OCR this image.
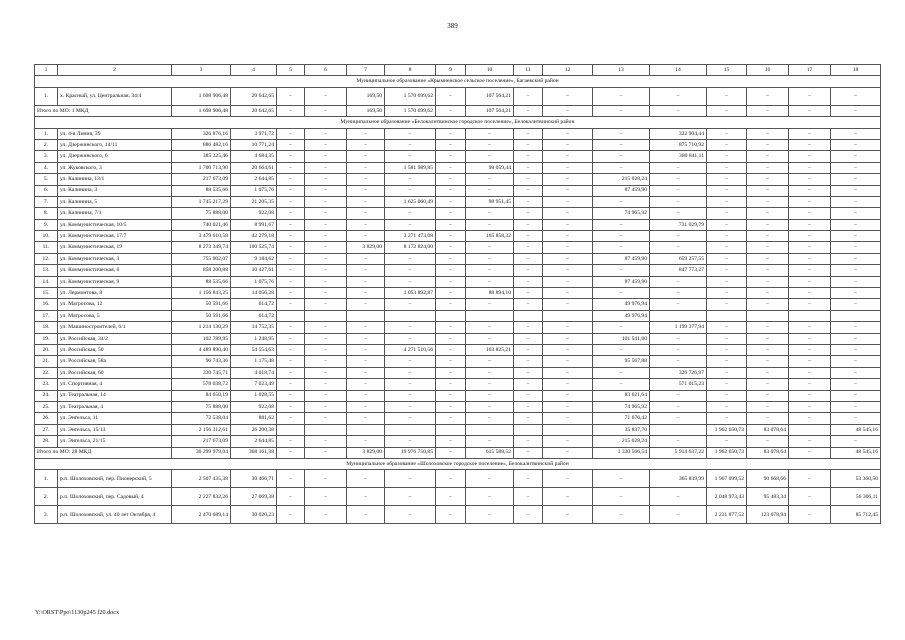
389
1	2	3	4	5	6	7	8	9	10	11	12	13	14	15	16	17	18
Муниципальное образование «Крымненское сельское поселение», Багаевский район																	
1.	х. Красный, ул. Центральная, 34/4	1 698 906,48	20 642,65	–	–	169,50	1 570 699,62	–	107 564,21	–	–	–	–	–	–	–	–
Итого по МО: 1 МКД		1 698 906,48	20 642,65	–	–	169,50	1 570 699,62	–	107 564,21	–	–	–	–	–	–	–	–
Муниципальное образование «Белокалитвинское городское поселение», Белокалитвинский район																	
1.	ул. 4-я Линия, 39	326 876,16	3 971,72	–	–	–	–	–	–	–	–	–	322 904,44	–	–	–	–
2.	ул. Дзержинского, 14/11	886 482,16	10 771,24	–	–	–	–	–	–	–	–	–	875 710,92	–	–	–	–
3.	ул. Дзержинского, 6	385 325,46	4 684,35	–	–	–	–	–	–	–	–	–	380 841,11	–	–	–	–
4.	ул. Жуковского, 3	1 700 713,90	20 664,61	–	–	–	1 581 989,85	–	98 059,44	–	–	–	–	–	–	–	–
5.	ул. Калинина, 13/1	217 673,09	2 644,85	–	–	–	–	–	–	–	–	215 028,24	–	–	–	–	–
6.	ул. Калинина, 3	88 535,66	1 075,76	–	–	–	–	–	–	–	–	87 459,90	–	–	–	–	–
7.	ул. Калинина, 5	1 745 217,29	21 205,35	–	–	–	1 625 060,49	–	98 951,45	–	–	–	–	–	–	–	–
8.	ул. Калинина, 7/1	75 888,00	922,08	–	–	–	–	–	–	–	–	74 965,92	–	–	–	–	–
9.	ул. Коммунистическая, 10/5	740 021,46	8 991,67	–	–	–	–	–	–	–	–	–	731 029,79	–	–	–	–
10.	ул. Коммунистическая, 17/7	3 479 610,58	42 279,18	–	–	–	3 271 473,08	–	165 858,32	–	–	–	–	–	–	–	–
11.	ул. Коммунистическая, 19	8 273 349,74	100 525,74	–	–	3 829,00	8 172 824,00	–	–	–	–	–	–	–	–	–	–
12.	ул. Коммунистическая, 3	755 902,07	9 184,62	–	–	–	–	–	–	–	–	87 459,90	659 257,55	–	–	–	–
13.	ул. Коммунистическая, 6	858 200,88	10 427,61	–	–	–	–	–	–	–	–	–	847 773,27	–	–	–	–
14.	ул. Коммунистическая, 9	88 535,66	1 075,76	–	–	–	–	–	–	–	–	87 459,90	–	–	–	–	–
15.	ул. Лермонтова, 8	1 156 843,25	14 056,28	–	–	–	1 053 892,87	–	88 894,10	–	–	–	–	–	–	–	–
16.	ул. Матросова, 12	50 591,66	614,72	–	–	–	–	–	–	–	–	49 976,94	–	–	–	–	–
17.	ул. Матросова, 5	50 591,66	614,72									49 976,94					
18.	ул. Машиностроителей, 6/1	1 214 130,29	14 752,35	–	–	–	–	–	–	–	–	–	1 199 377,94	–	–	–	–
19.	ул. Российская, 34/2	102 789,95	1 248,95	–	–	–	–	–	–	–	–	101 541,00	–	–	–	–	–
20.	ул. Российская, 50	4 489 890,40	54 554,63	–	–	–	4 271 510,56	–	163 825,21	–	–	–	–	–	–	–	–
21.	ул. Российская, 58а	96 743,36	1 175,48	–	–	–	–	–	–	–	–	95 567,88	–	–	–	–	–
22.	ул. Российская, 60	330 745,71	4 018,74	–	–	–	–	–	–	–	–	–	326 726,97	–	–	–	–
23.	ул. Спортивная, 4	578 038,72	7 023,49	–	–	–	–	–	–	–	–	–	571 015,23	–	–	–	–
24.	ул. Театральная, 14	84 650,19	1 028,55	–	–	–	–	–	–	–	–	83 621,64	–	–	–	–	–
25.	ул. Театральная, 4	75 888,00	922,08	–	–	–	–	–	–	–	–	74 965,92	–	–	–	–	–
26.	ул. Энгельса, 11	72 538,04	881,62	–	–	–	–	–	–	–	–	71 676,42	–	–	–	–	–
27.	ул. Энгельса, 15/13	2 156 312,61	26 200,38									35 837,70		1 962 650,73	83 078,64		48 545,16
28.	ул. Энгельса, 21/15	217 673,09	2 644,85	–	–	–	–	–	–	–	–	215 028,24	–	–	–	–	–
Итого по МО: 28 МКД		30 299 979,04	368 161,38	–	–	3 829,00	19 976 750,85	–	615 588,52	–	–	1 330 566,54	5 914 637,22	1 962 650,73	83 078,64	–	48 545,16
Муниципальное образование «Шолоховское городское поселение», Белокалитвинский район																	
1.	р.п. Шолоховский, пер. Пионерский, 5	2 507 435,38	30 466,71	–	–	–	–	–	–	–	–	–	365 839,99	1 967 099,52	90 668,66	–	53 360,50
2.	р.п. Шолоховский, пер. Садовый, 4	2 227 832,26	27 069,38	–	–	–	–	–	–	–	–	–	–	2 048 973,43	95 483,34	–	56 306,11
3.	р.п. Шолоховский, ул. 40 лет Октября, 4	2 470 689,14	30 020,23	–	–	–	–	–	–	–	–	–	–	2 231 877,52	123 078,94	–	85 712,45
Y:\ORST\Ppo\1130p245 f20.docx
